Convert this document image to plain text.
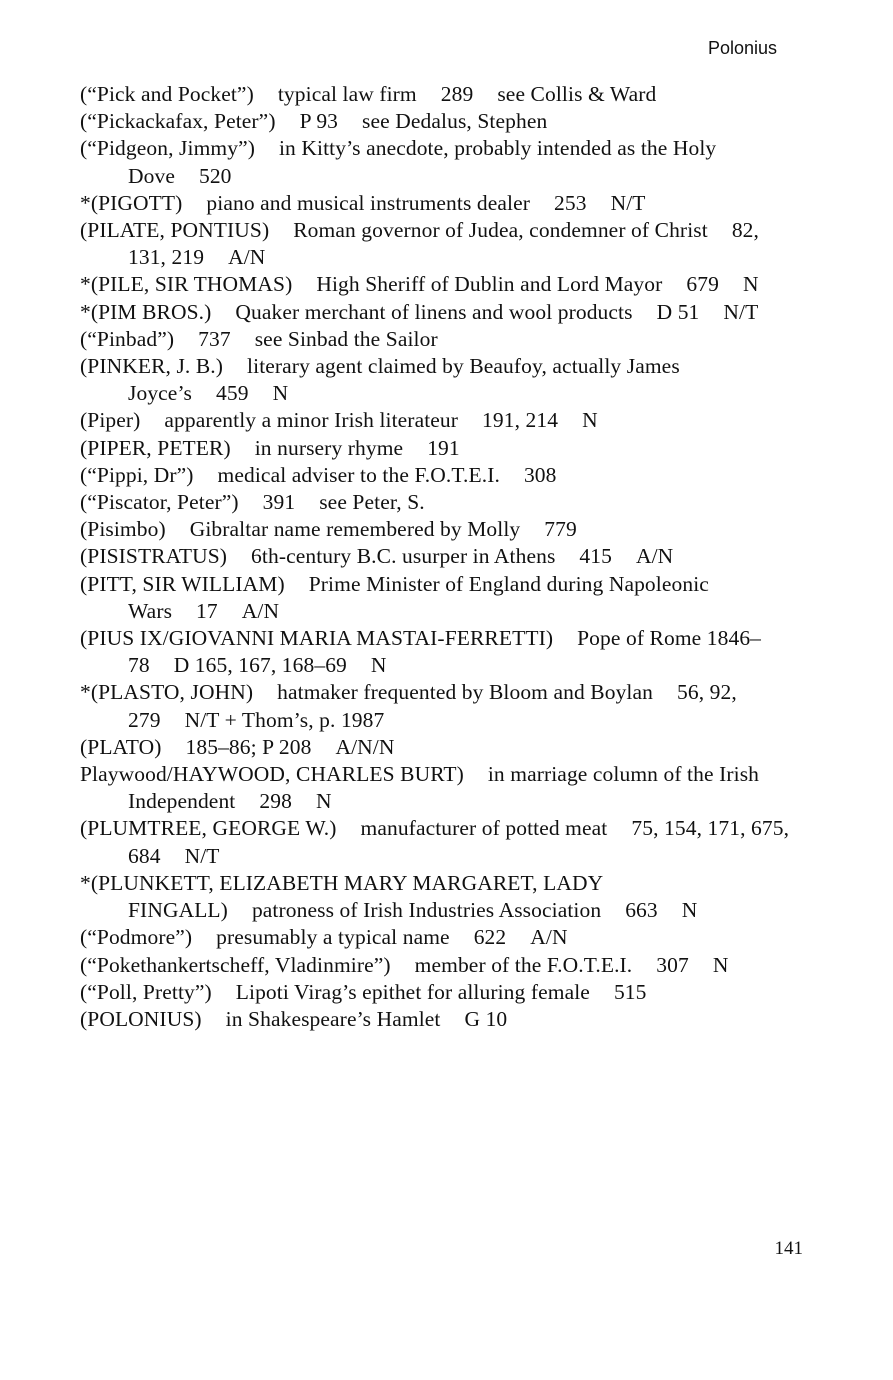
Polonius

(“Pick and Pocket”) typical law firm 289 see Collis & Ward

(“Pickackafax, Peter”) P 93 see Dedalus, Stephen

(“Pidgeon, Jimmy”) in Kitty’s anecdote, probably intended as the Holy Dove 520

*(PIGOTT) piano and musical instruments dealer 253 N/T

(PILATE, PONTIUS) Roman governor of Judea, condemner of Christ 82, 131, 219 A/N

*(PILE, SIR THOMAS) High Sheriff of Dublin and Lord Mayor 679 N

*(PIM BROS.) Quaker merchant of linens and wool products D 51 N/T

(“Pinbad”) 737 see Sinbad the Sailor

(PINKER, J. B.) literary agent claimed by Beaufoy, actually James Joyce’s 459 N

(Piper) apparently a minor Irish literateur 191, 214 N

(PIPER, PETER) in nursery rhyme 191

(“Pippi, Dr”) medical adviser to the F.O.T.E.I. 308

(“Piscator, Peter”) 391 see Peter, S.

(Pisimbo) Gibraltar name remembered by Molly 779

(PISISTRATUS) 6th-century B.C. usurper in Athens 415 A/N

(PITT, SIR WILLIAM) Prime Minister of England during Napoleonic Wars 17 A/N

(PIUS IX/GIOVANNI MARIA MASTAI-FERRETTI) Pope of Rome 1846–78 D 165, 167, 168–69 N

*(PLASTO, JOHN) hatmaker frequented by Bloom and Boylan 56, 92, 279 N/T + Thom’s, p. 1987

(PLATO) 185–86; P 208 A/N/N

Playwood/HAYWOOD, CHARLES BURT) in marriage column of the Irish Independent 298 N

(PLUMTREE, GEORGE W.) manufacturer of potted meat 75, 154, 171, 675, 684 N/T

*(PLUNKETT, ELIZABETH MARY MARGARET, LADY FINGALL) patroness of Irish Industries Association 663 N

(“Podmore”) presumably a typical name 622 A/N

(“Pokethankertscheff, Vladinmire”) member of the F.O.T.E.I. 307 N

(“Poll, Pretty”) Lipoti Virag’s epithet for alluring female 515

(POLONIUS) in Shakespeare’s Hamlet G 10

141
